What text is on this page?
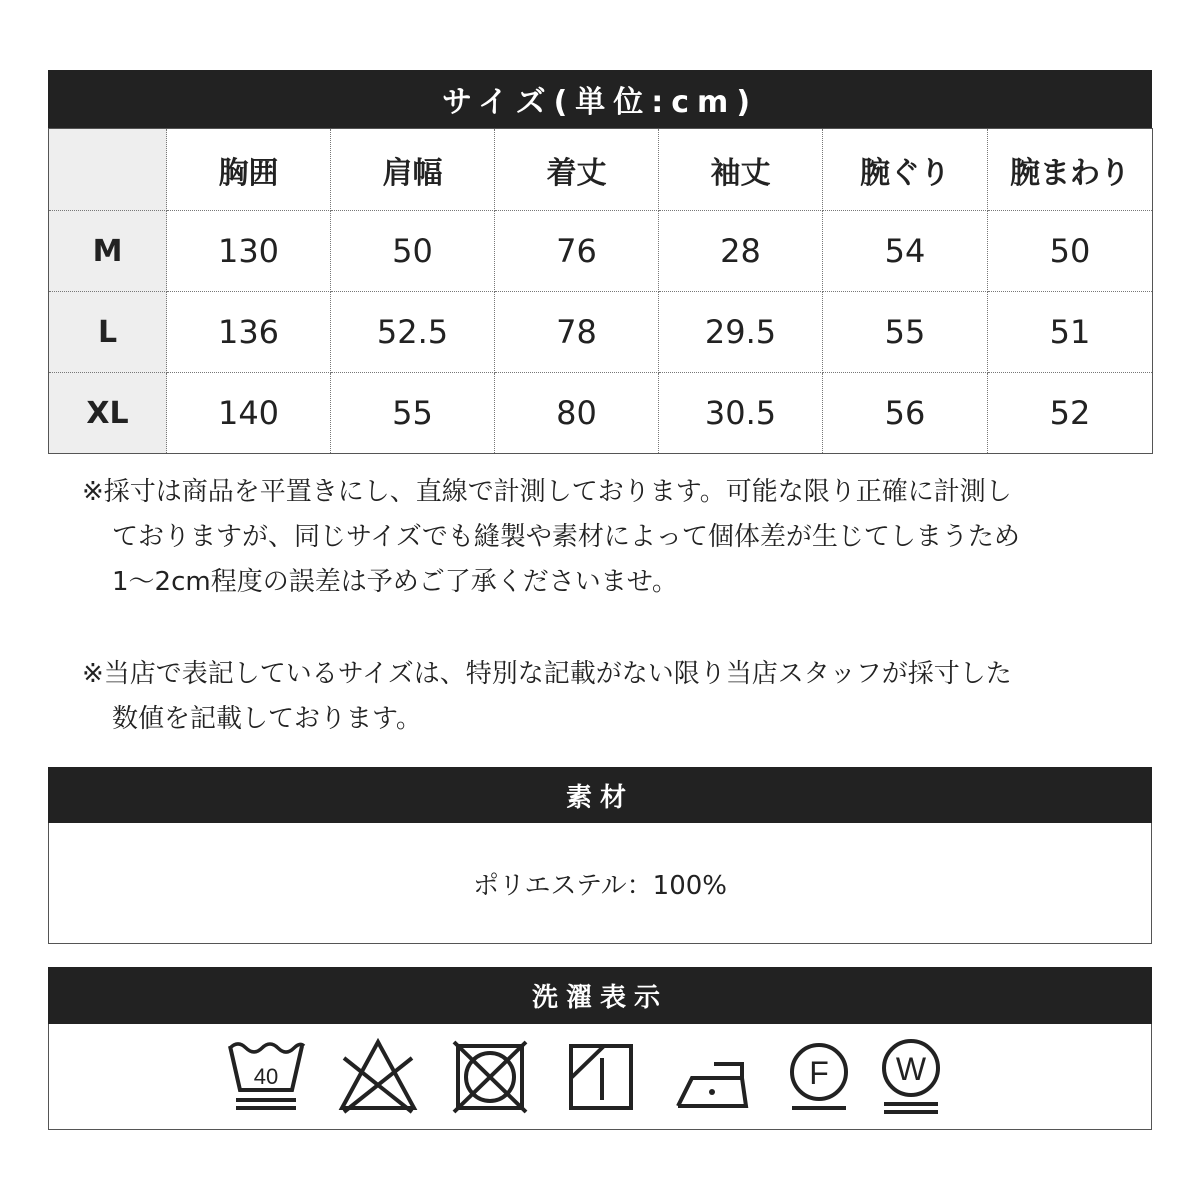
サイズ(単位:cm)
	胸囲	肩幅	着丈	袖丈	腕ぐり	腕まわり
M	130	50	76	28	54	50
L	136	52.5	78	29.5	55	51
XL	140	55	80	30.5	56	52
※採寸は商品を平置きにし、直線で計測しております。可能な限り正確に計測し
ておりますが、同じサイズでも縫製や素材によって個体差が生じてしまうため
1〜2cm程度の誤差は予めご了承くださいませ。
※当店で表記しているサイズは、特別な記載がない限り当店スタッフが採寸した
数値を記載しております。
素材
ポリエステル：100%
洗濯表示
40	F W
